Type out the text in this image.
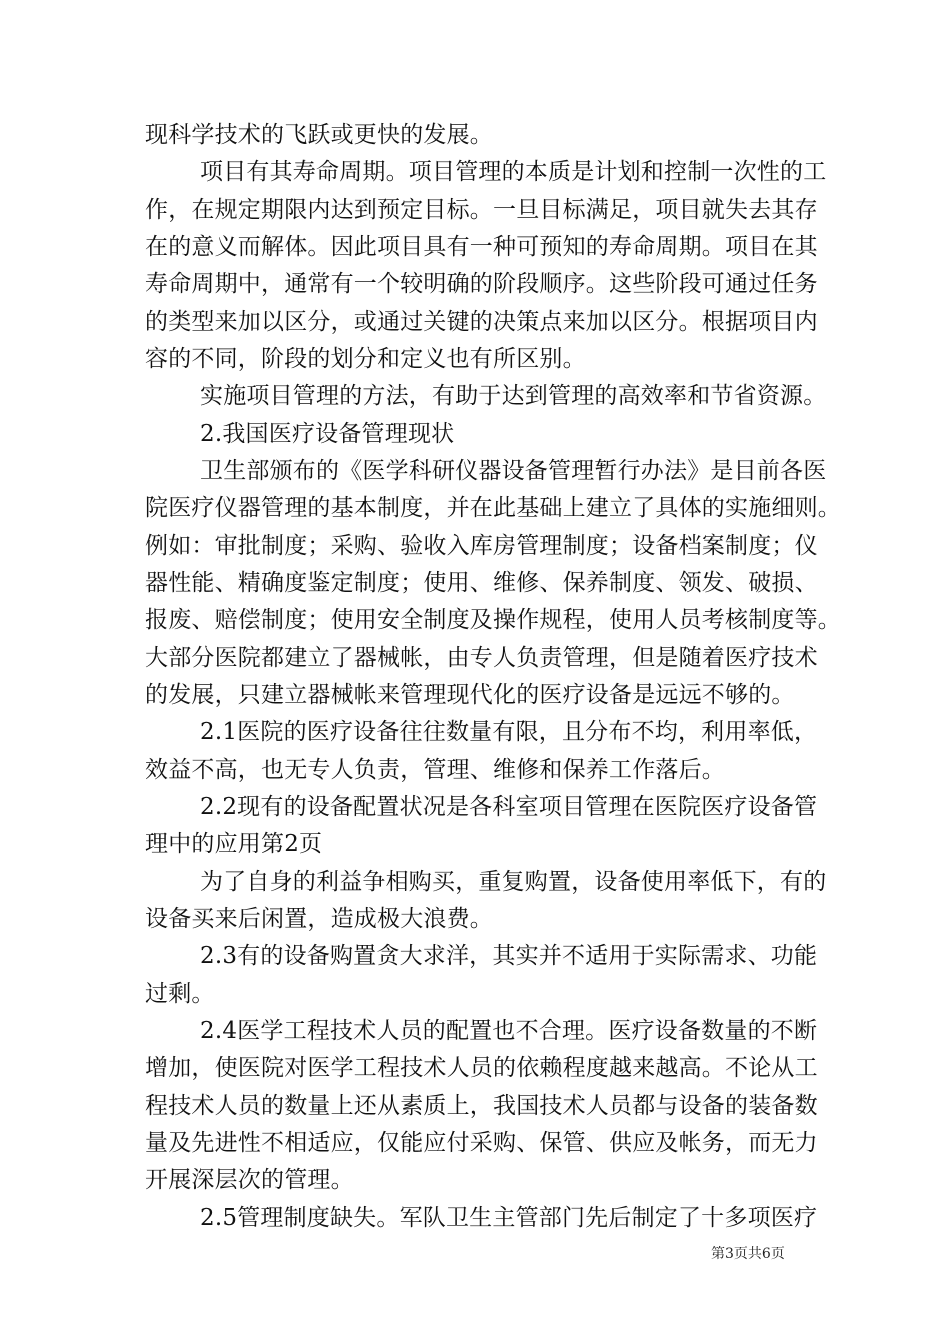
现科学技术的飞跃或更快的发展。
项目有其寿命周期。项目管理的本质是计划和控制一次性的工
作，在规定期限内达到预定目标。一旦目标满足，项目就失去其存
在的意义而解体。因此项目具有一种可预知的寿命周期。项目在其
寿命周期中，通常有一个较明确的阶段顺序。这些阶段可通过任务
的类型来加以区分，或通过关键的决策点来加以区分。根据项目内
容的不同，阶段的划分和定义也有所区别。
实施项目管理的方法，有助于达到管理的高效率和节省资源。
2.我国医疗设备管理现状
卫生部颁布的《医学科研仪器设备管理暂行办法》是目前各医
院医疗仪器管理的基本制度，并在此基础上建立了具体的实施细则。
例如：审批制度；采购、验收入库房管理制度；设备档案制度；仪
器性能、精确度鉴定制度；使用、维修、保养制度、领发、破损、
报废、赔偿制度；使用安全制度及操作规程，使用人员考核制度等。
大部分医院都建立了器械帐，由专人负责管理，但是随着医疗技术
的发展，只建立器械帐来管理现代化的医疗设备是远远不够的。
2.1医院的医疗设备往往数量有限，且分布不均，利用率低，
效益不高，也无专人负责，管理、维修和保养工作落后。
2.2现有的设备配置状况是各科室项目管理在医院医疗设备管
理中的应用第2页
为了自身的利益争相购买，重复购置，设备使用率低下，有的
设备买来后闲置，造成极大浪费。
2.3有的设备购置贪大求洋，其实并不适用于实际需求、功能
过剩。
2.4医学工程技术人员的配置也不合理。医疗设备数量的不断
增加，使医院对医学工程技术人员的依赖程度越来越高。不论从工
程技术人员的数量上还从素质上，我国技术人员都与设备的装备数
量及先进性不相适应，仅能应付采购、保管、供应及帐务，而无力
开展深层次的管理。
2.5管理制度缺失。军队卫生主管部门先后制定了十多项医疗
第3页共6页
